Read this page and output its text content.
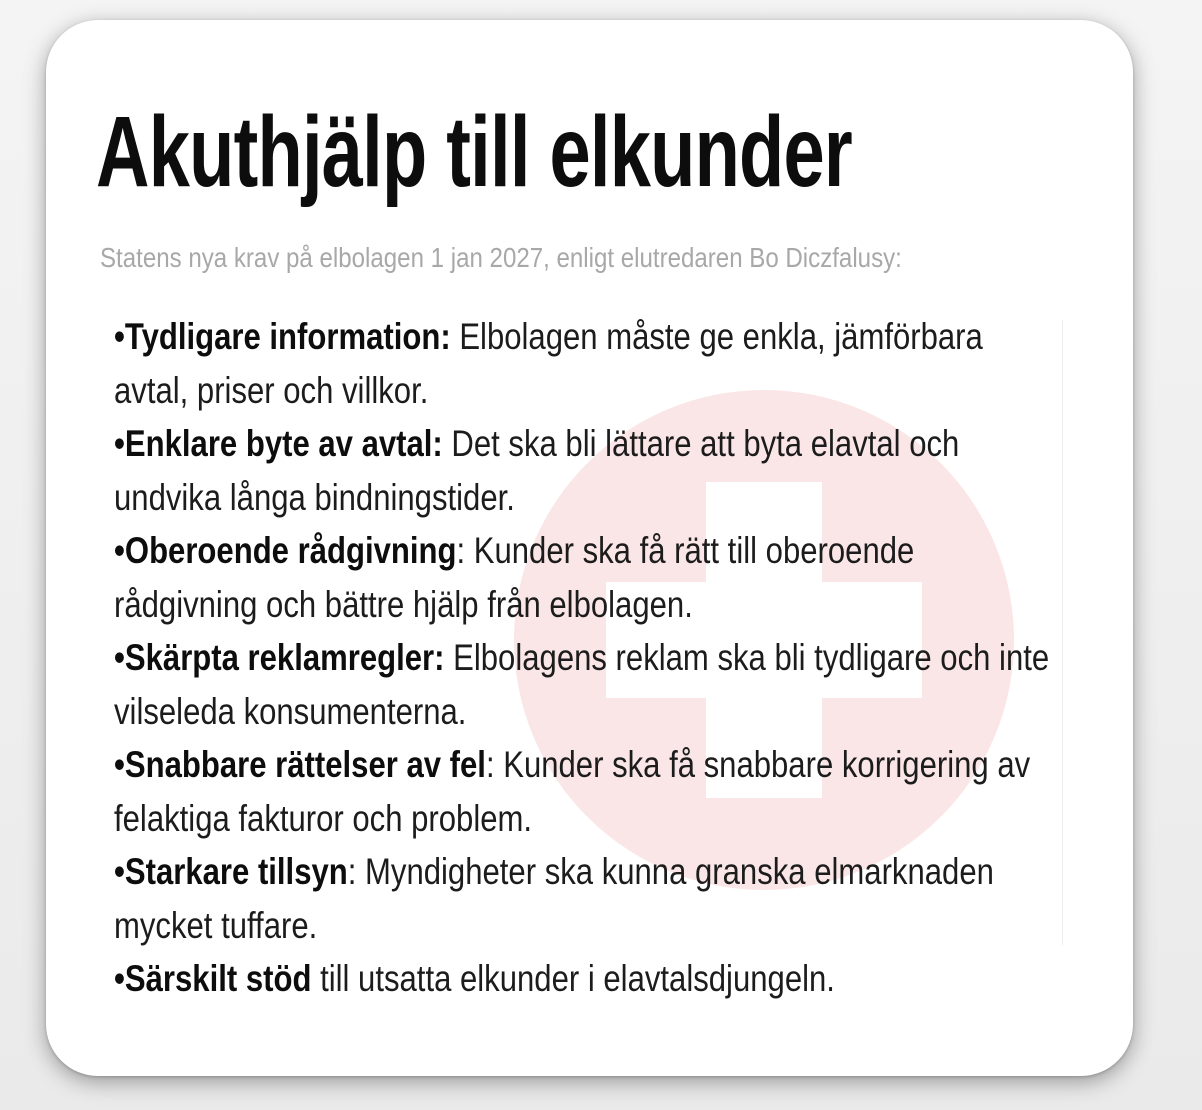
Akuthjälp till elkunder

Statens nya krav på elbolagen 1 jan 2027, enligt elutredaren Bo Diczfalusy:

•Tydligare information: Elbolagen måste ge enkla, jämförbara avtal, priser och villkor.
•Enklare byte av avtal: Det ska bli lättare att byta elavtal och undvika långa bindningstider.
•Oberoende rådgivning: Kunder ska få rätt till oberoende rådgivning och bättre hjälp från elbolagen.
•Skärpta reklamregler: Elbolagens reklam ska bli tydligare och inte vilseleda konsumenterna.
•Snabbare rättelser av fel: Kunder ska få snabbare korrigering av felaktiga fakturor och problem.
•Starkare tillsyn: Myndigheter ska kunna granska elmarknaden mycket tuffare.
•Särskilt stöd till utsatta elkunder i elavtalsdjungeln.
